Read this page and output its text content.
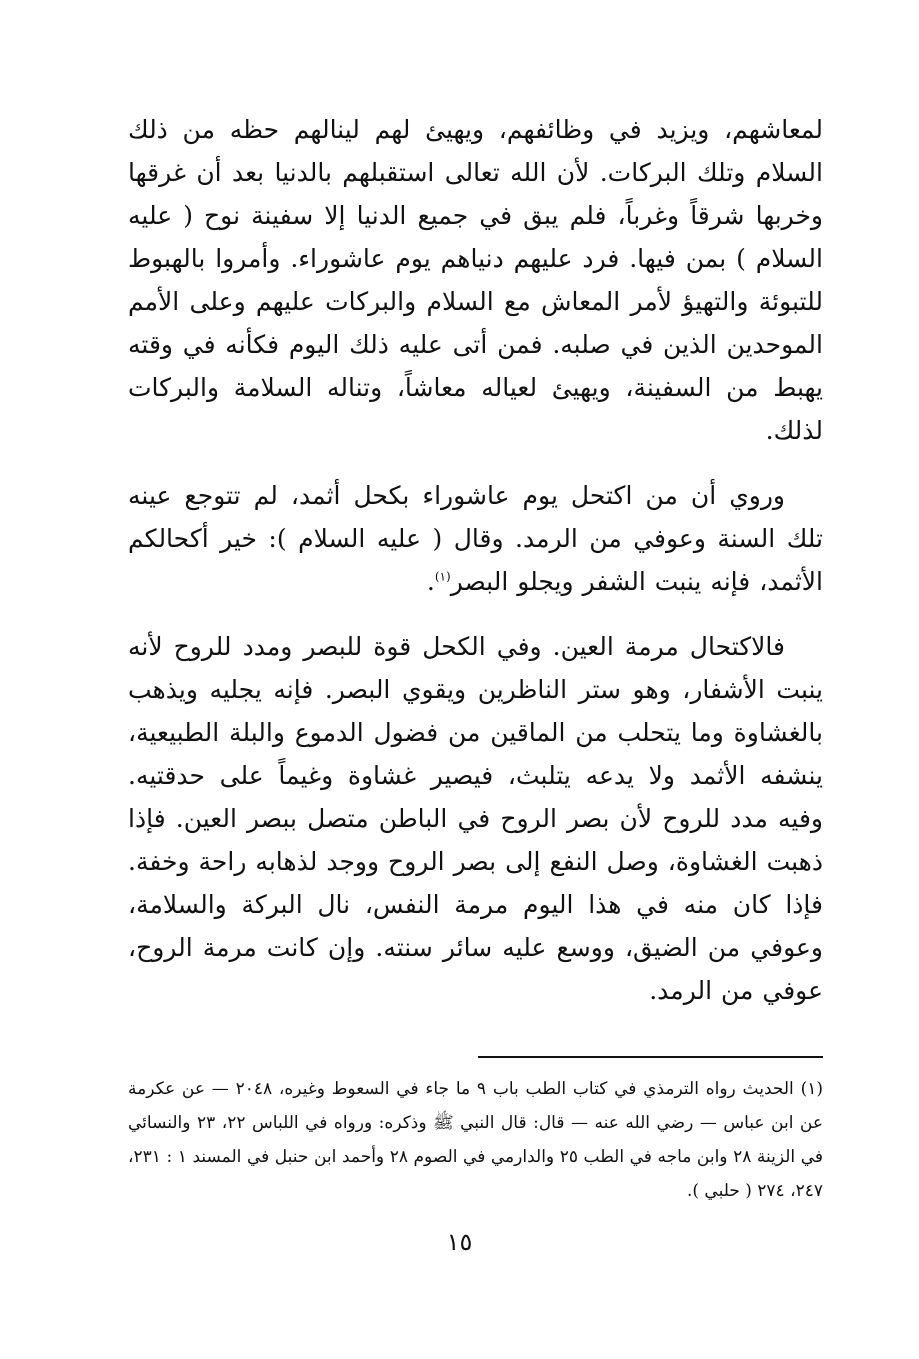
لمعاشهم، ويزيد في وظائفهم، ويهيئ لهم لينالهم حظه من ذلك السلام وتلك البركات. لأن الله تعالى استقبلهم بالدنيا بعد أن غرقها وخربها شرقاً وغرباً، فلم يبق في جميع الدنيا إلا سفينة نوح ( عليه السلام ) بمن فيها. فرد عليهم دنياهم يوم عاشوراء. وأمروا بالهبوط للتبوئة والتهيؤ لأمر المعاش مع السلام والبركات عليهم وعلى الأمم الموحدين الذين في صلبه. فمن أتى عليه ذلك اليوم فكأنه في وقته يهبط من السفينة، ويهيئ لعياله معاشاً، وتناله السلامة والبركات لذلك.

وروي أن من اكتحل يوم عاشوراء بكحل أثمد، لم تتوجع عينه تلك السنة وعوفي من الرمد. وقال ( عليه السلام ): خير أكحالكم الأثمد، فإنه ينبت الشفر ويجلو البصر$^{(١)}$.

فالاكتحال مرمة العين. وفي الكحل قوة للبصر ومدد للروح لأنه ينبت الأشفار، وهو ستر الناظرين ويقوي البصر. فإنه يجليه ويذهب بالغشاوة وما يتحلب من الماقين من فضول الدموع والبلة الطبيعية، ينشفه الأثمد ولا يدعه يتلبث، فيصير غشاوة وغيماً على حدقتيه. وفيه مدد للروح لأن بصر الروح في الباطن متصل ببصر العين. فإذا ذهبت الغشاوة، وصل النفع إلى بصر الروح ووجد لذهابه راحة وخفة. فإذا كان منه في هذا اليوم مرمة النفس، نال البركة والسلامة، وعوفي من الضيق، ووسع عليه سائر سنته. وإن كانت مرمة الروح، عوفي من الرمد.

(١) الحديث رواه الترمذي في كتاب الطب باب ٩ ما جاء في السعوط وغيره، ٢٠٤٨ — عن عكرمة عن ابن عباس — رضي الله عنه — قال: قال النبي ﷺ وذكره: ورواه في اللباس ٢٢، ٢٣ والنسائي في الزينة ٢٨ وابن ماجه في الطب ٢٥ والدارمي في الصوم ٢٨ وأحمد ابن حنبل في المسند ١ : ٢٣١، ٢٤٧، ٢٧٤ ( حلبي ).

١٥
